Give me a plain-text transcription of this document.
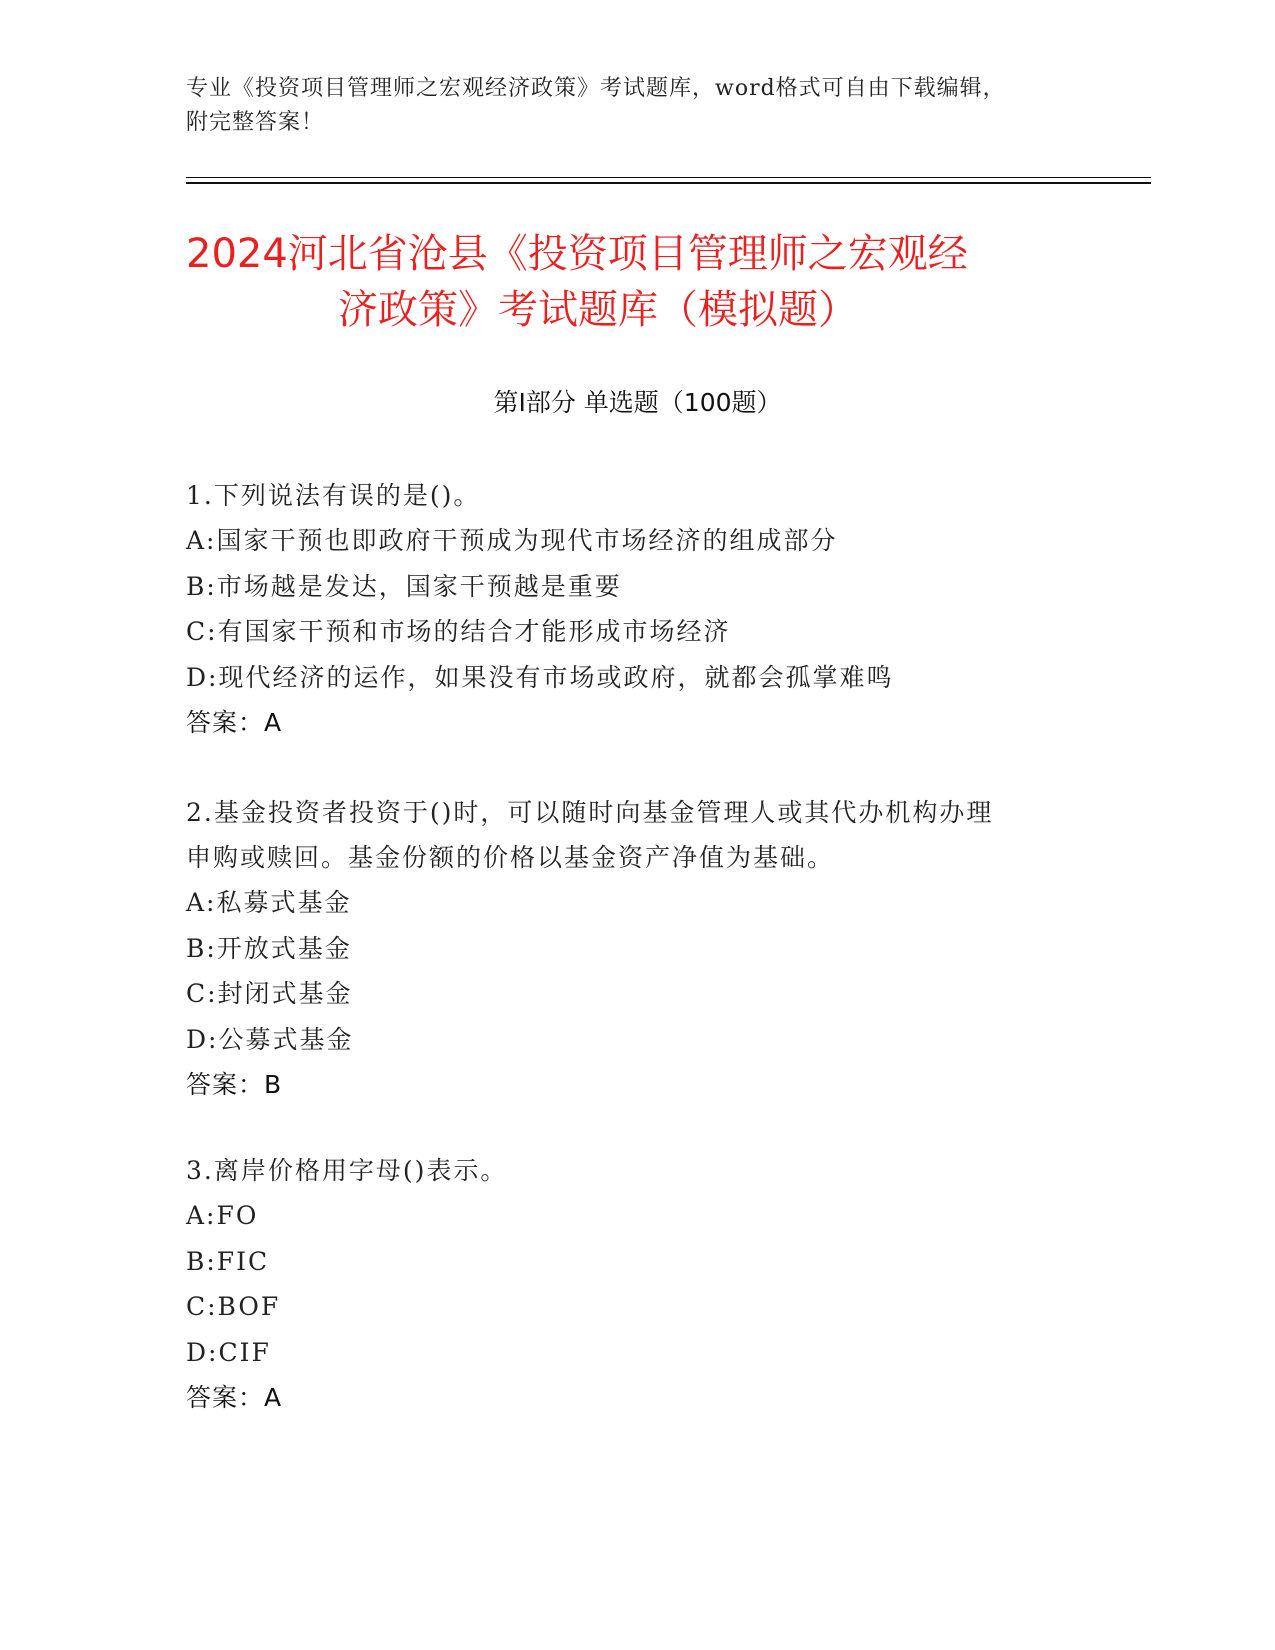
专业《投资项目管理师之宏观经济政策》考试题库，word格式可自由下载编辑，
附完整答案！
2024河北省沧县《投资项目管理师之宏观经
济政策》考试题库（模拟题）
第Ⅰ部分 单选题（100题）

1.下列说法有误的是()。

A:国家干预也即政府干预成为现代市场经济的组成部分

B:市场越是发达，国家干预越是重要

C:有国家干预和市场的结合才能形成市场经济

D:现代经济的运作，如果没有市场或政府，就都会孤掌难鸣

答案：A

2.基金投资者投资于()时，可以随时向基金管理人或其代办机构办理

申购或赎回。基金份额的价格以基金资产净值为基础。

A:私募式基金

B:开放式基金

C:封闭式基金

D:公募式基金

答案：B

3.离岸价格用字母()表示。

A:FO

B:FIC

C:BOF

D:CIF

答案：A
